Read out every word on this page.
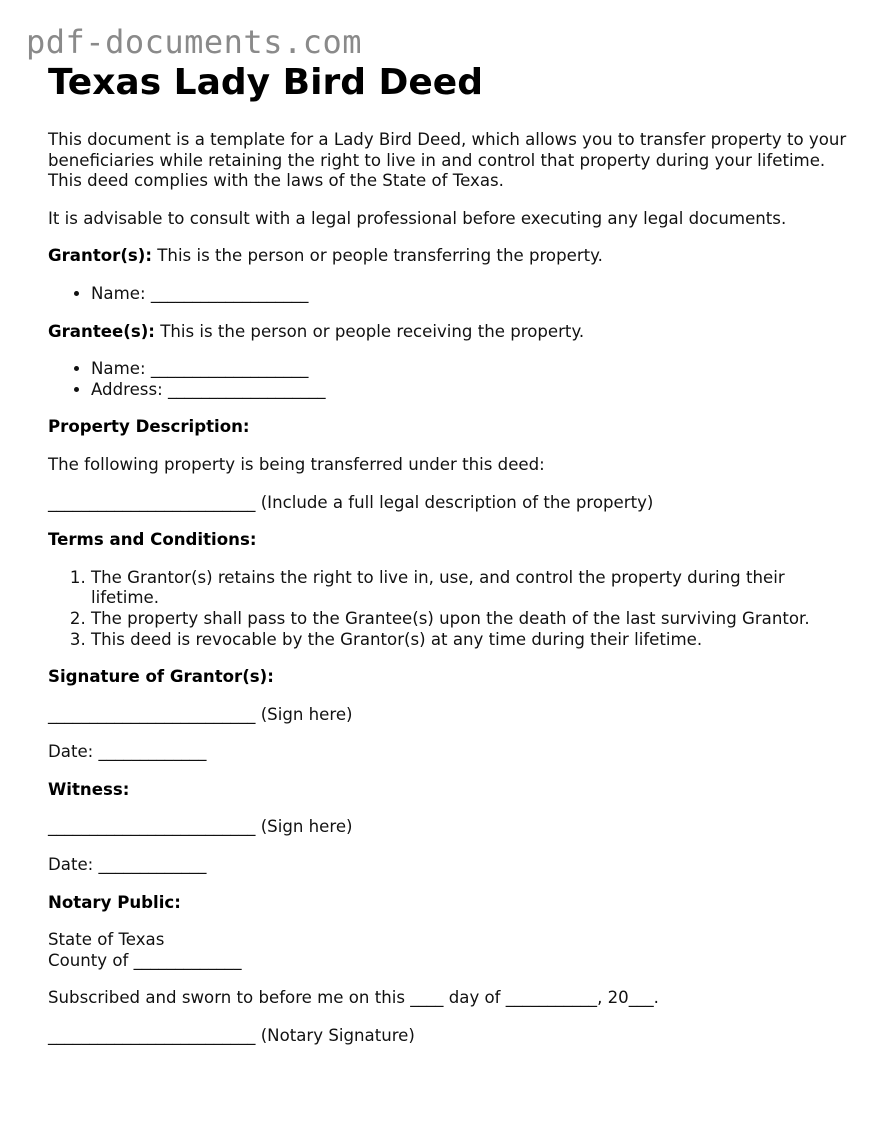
pdf-documents.com
Texas Lady Bird Deed

This document is a template for a Lady Bird Deed, which allows you to transfer property to your beneficiaries while retaining the right to live in and control that property during your lifetime. This deed complies with the laws of the State of Texas.

It is advisable to consult with a legal professional before executing any legal documents.

Grantor(s): This is the person or people transferring the property.

• Name: ___________________

Grantee(s): This is the person or people receiving the property.

• Name: ___________________
• Address: ___________________

Property Description:

The following property is being transferred under this deed:

_________________________ (Include a full legal description of the property)

Terms and Conditions:

1. The Grantor(s) retains the right to live in, use, and control the property during their lifetime.
2. The property shall pass to the Grantee(s) upon the death of the last surviving Grantor.
3. This deed is revocable by the Grantor(s) at any time during their lifetime.

Signature of Grantor(s):

_________________________ (Sign here)

Date: _____________

Witness:

_________________________ (Sign here)

Date: _____________

Notary Public:

State of Texas
County of _____________

Subscribed and sworn to before me on this ____ day of ___________, 20___.

_________________________ (Notary Signature)
